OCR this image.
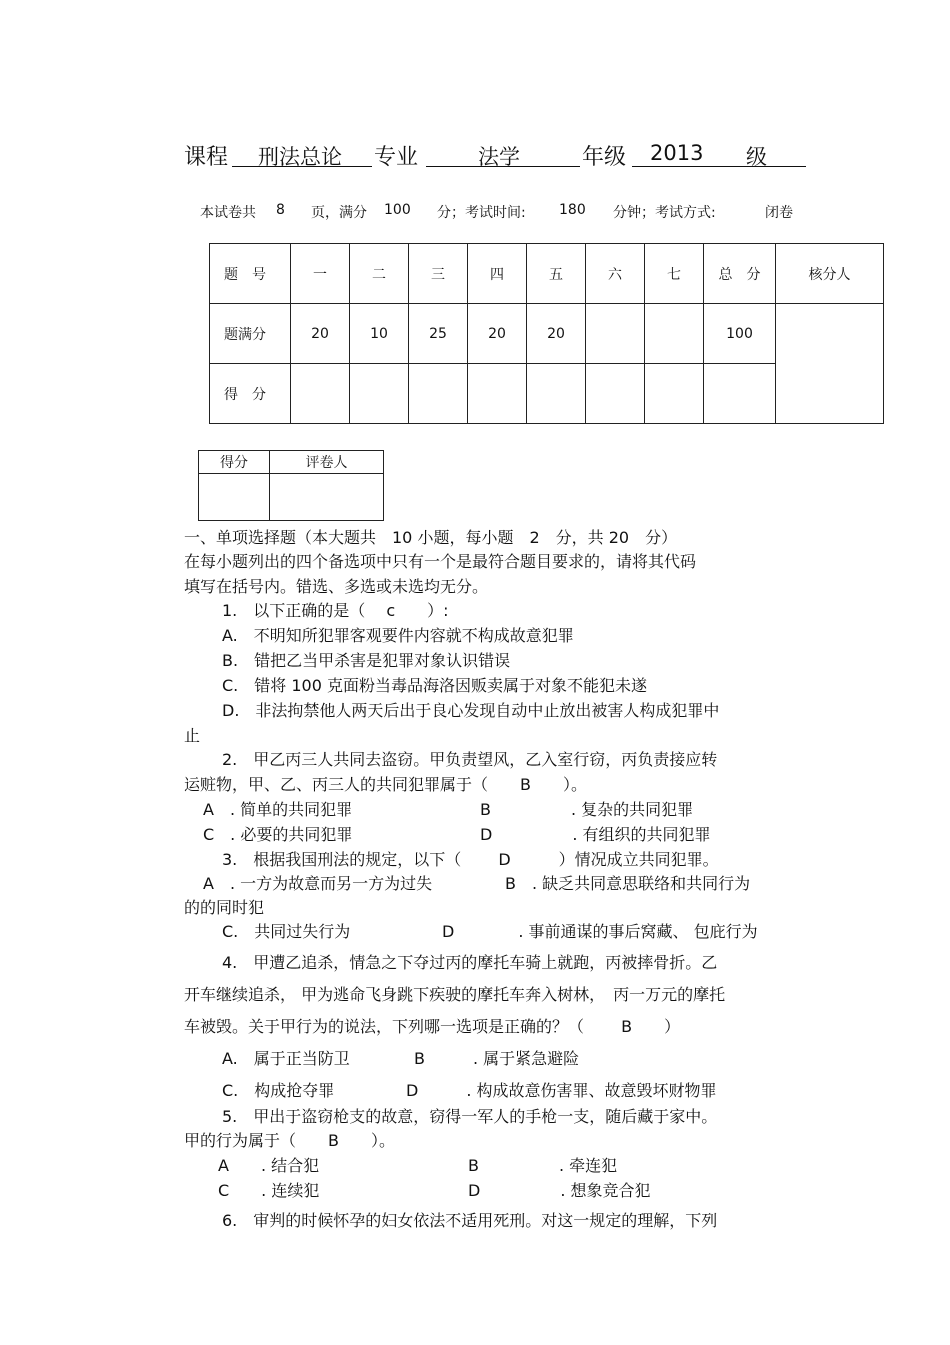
课程 刑法总论 专业	法学	年级 2013 级
本试卷共 8 页，满分 100 分；考试时间: 180 分钟；考试方式:	闭卷
题　号	一	二	三	四	五	六	七	总　分	核分人
题满分	20	10	25	20	20			100	
得　分									
得分	评卷人

一、单项选择题（本大题共　10 小题，每小题　2　分，共 20　分）
在每小题列出的四个备选项中只有一个是最符合题目要求的，请将其代码
填写在括号内。错选、多选或未选均无分。
1.　以下正确的是（　 c　　）:
A.　不明知所犯罪客观要件内容就不构成故意犯罪
B.　错把乙当甲杀害是犯罪对象认识错误
C.　错将 100 克面粉当毒品海洛因贩卖属于对象不能犯未遂
D.　非法拘禁他人两天后出于良心发现自动中止放出被害人构成犯罪中
止
2.　甲乙丙三人共同去盗窃。甲负责望风，乙入室行窃，丙负责接应转
运赃物，甲、乙、丙三人的共同犯罪属于（　　B　　）。
A　. 简单的共同犯罪	B　　　　　. 复杂的共同犯罪
C　. 必要的共同犯罪	D　　　　　. 有组织的共同犯罪
3.　根据我国刑法的规定，以下（　　 D　　　）情况成立共同犯罪。
A　. 一方为故意而另一方为过失	B　. 缺乏共同意思联络和共同行为
的的同时犯
C.　共同过失行为	D　　　　. 事前通谋的事后窝藏、 包庇行为
4.　甲遭乙追杀，情急之下夺过丙的摩托车骑上就跑，丙被摔骨折。乙
开车继续追杀， 甲为逃命飞身跳下疾驶的摩托车奔入树林，　丙一万元的摩托
车被毁。关于甲行为的说法，下列哪一选项是正确的？（　　 B　　）
A.　属于正当防卫	B　　　. 属于紧急避险
C.　构成抢夺罪	D　　　. 构成故意伤害罪、故意毁坏财物罪
5.　甲出于盗窃枪支的故意，窃得一军人的手枪一支，随后藏于家中。
甲的行为属于（　　B　　）。
A　　. 结合犯	B　　　　　. 牵连犯
C　　. 连续犯	D　　　　　. 想象竞合犯
6.　审判的时候怀孕的妇女依法不适用死刑。对这一规定的理解，下列
